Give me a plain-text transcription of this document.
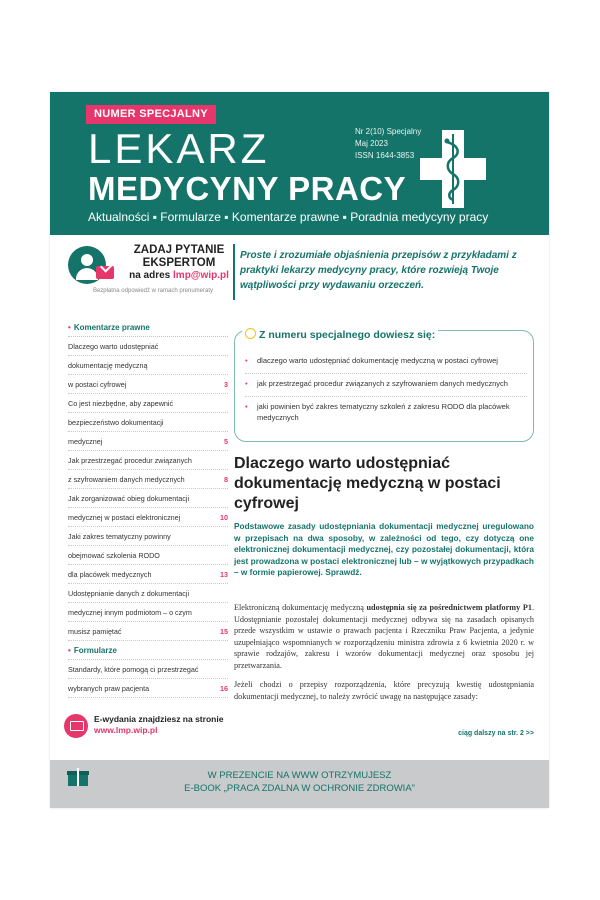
NUMER SPECJALNY
LEKARZ
MEDYCYNY PRACY
Nr 2(10) Specjalny
Maj 2023
ISSN 1644-3853
Aktualności ▪ Formularze ▪ Komentarze prawne ▪ Poradnia medycyny pracy
ZADAJ PYTANIE
EKSPERTOM
na adres lmp@wip.pl
Bezpłatna odpowiedź w ramach prenumeraty
Proste i zrozumiałe objaśnienia przepisów z przykładami z praktyki lekarzy medycyny pracy, które rozwieją Twoje wątpliwości przy wydawaniu orzeczeń.
• Komentarze prawne
Dlaczego warto udostępniać
dokumentację medyczną
w postaci cyfrowej	3
Co jest niezbędne, aby zapewnić
bezpieczeństwo dokumentacji
medycznej	5
Jak przestrzegać procedur związanych
z szyfrowaniem danych medycznych	8
Jak zorganizować obieg dokumentacji
medycznej w postaci elektronicznej	10
Jaki zakres tematyczny powinny
obejmować szkolenia RODO
dla placówek medycznych	13
Udostępnianie danych z dokumentacji
medycznej innym podmiotom – o czym
musisz pamiętać	15
• Formularze
Standardy, które pomogą ci przestrzegać
wybranych praw pacjenta	16
E-wydania znajdziesz na stronie
www.lmp.wip.pl
Z numeru specjalnego dowiesz się:
• dlaczego warto udostępniać dokumentację medyczną w postaci cyfrowej
• jak przestrzegać procedur związanych z szyfrowaniem danych medycznych
• jaki powinien być zakres tematyczny szkoleń z zakresu RODO dla placówek medycznych
Dlaczego warto udostępniać dokumentację medyczną w postaci cyfrowej
Podstawowe zasady udostępniania dokumentacji medycznej uregulowano w przepisach na dwa sposoby, w zależności od tego, czy dotyczą one elektronicznej dokumentacji medycznej, czy pozostałej dokumentacji, która jest prowadzona w postaci elektronicznej lub – w wyjątkowych przypadkach – w formie papierowej. Sprawdź.

Elektroniczną dokumentację medyczną udostępnia się za pośrednictwem platformy P1. Udostępnianie pozostałej dokumentacji medycznej odbywa się na zasadach opisanych przede wszystkim w ustawie o prawach pacjenta i Rzeczniku Praw Pacjenta, a jedynie uzupełniająco wspomnianych w rozporządzeniu ministra zdrowia z 6 kwietnia 2020 r. w sprawie rodzajów, zakresu i wzorów dokumentacji medycznej oraz sposobu jej przetwarzania.

Jeżeli chodzi o przepisy rozporządzenia, które precyzują kwestię udostępniania dokumentacji medycznej, to należy zwrócić uwagę na następujące zasady:

ciąg dalszy na str. 2 >>
W PREZENCIE NA WWW OTRZYMUJESZ
E-BOOK „PRACA ZDALNA W OCHRONIE ZDROWIA”
